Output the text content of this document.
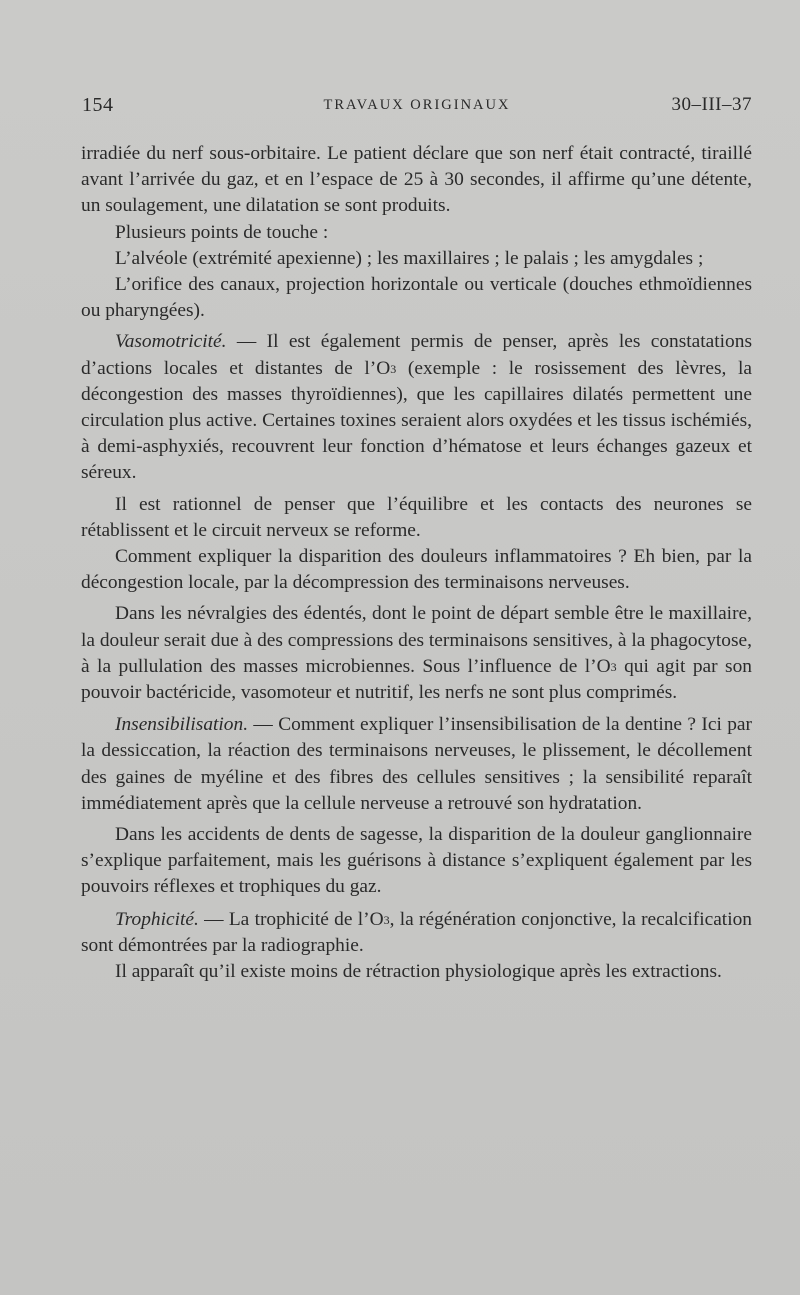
154	TRAVAUX ORIGINAUX	30–III–37

irradiée du nerf sous-orbitaire. Le patient déclare que son nerf était contracté, tiraillé avant l’arrivée du gaz, et en l’espace de 25 à 30 secondes, il affirme qu’une détente, un soulagement, une dilatation se sont produits.

Plusieurs points de touche :

L’alvéole (extrémité apexienne) ; les maxillaires ; le palais ; les amygdales ;

L’orifice des canaux, projection horizontale ou verticale (douches ethmoïdiennes ou pharyngées).

Vasomotricité. — Il est également permis de penser, après les constatations d’actions locales et distantes de $l’O_3$ (exemple : le rosissement des lèvres, la décongestion des masses thyroïdiennes), que les capillaires dilatés permettent une circulation plus active. Certaines toxines seraient alors oxydées et les tissus ischémiés, à demi-asphyxiés, recouvrent leur fonction d’hématose et leurs échanges gazeux et séreux.

Il est rationnel de penser que l’équilibre et les contacts des neurones se rétablissent et le circuit nerveux se reforme.

Comment expliquer la disparition des douleurs inflammatoires ? Eh bien, par la décongestion locale, par la décompression des terminaisons nerveuses.

Dans les névralgies des édentés, dont le point de départ semble être le maxillaire, la douleur serait due à des compressions des terminaisons sensitives, à la phagocytose, à la pullulation des masses microbiennes. Sous l’influence de $l’O_3$ qui agit par son pouvoir bactéricide, vasomoteur et nutritif, les nerfs ne sont plus comprimés.

Insensibilisation. — Comment expliquer l’insensibilisation de la dentine ? Ici par la dessiccation, la réaction des terminaisons nerveuses, le plissement, le décollement des gaines de myéline et des fibres des cellules sensitives ; la sensibilité reparaît immédiatement après que la cellule nerveuse a retrouvé son hydratation.

Dans les accidents de dents de sagesse, la disparition de la douleur ganglionnaire s’explique parfaitement, mais les guérisons à distance s’expliquent également par les pouvoirs réflexes et trophiques du gaz.

Trophicité. — La trophicité de $l’O_3$, la régénération conjonctive, la recalcification sont démontrées par la radiographie.

Il apparaît qu’il existe moins de rétraction physiologique après les extractions.
